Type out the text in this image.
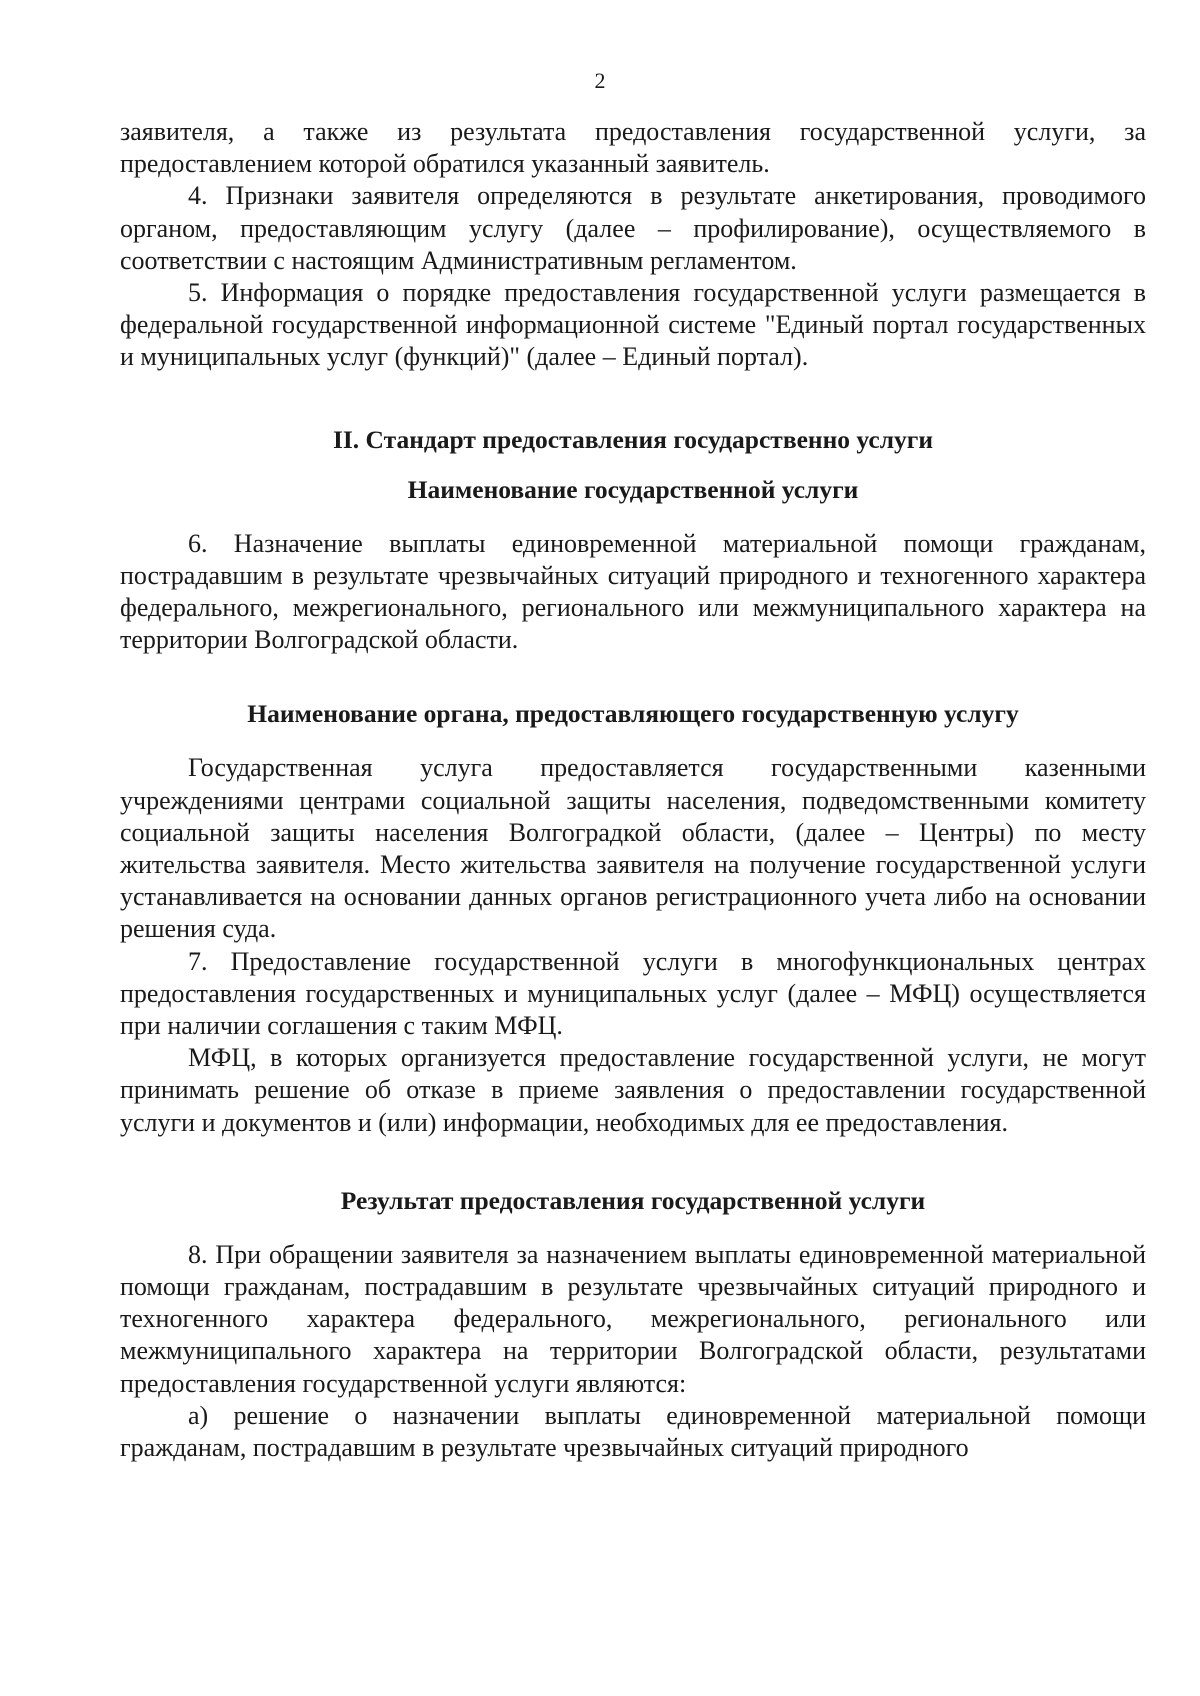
2

заявителя, а также из результата предоставления государственной услуги, за предоставлением которой обратился указанный заявитель.

4. Признаки заявителя определяются в результате анкетирования, проводимого органом, предоставляющим услугу (далее – профилирование), осуществляемого в соответствии с настоящим Административным регламентом.

5. Информация о порядке предоставления государственной услуги размещается в федеральной государственной информационной системе "Единый портал государственных и муниципальных услуг (функций)" (далее – Единый портал).

II. Стандарт предоставления государственно услуги
Наименование государственной услуги

6. Назначение выплаты единовременной материальной помощи гражданам, пострадавшим в результате чрезвычайных ситуаций природного и техногенного характера федерального, межрегионального, регионального или межмуниципального характера на территории Волгоградской области.

Наименование органа, предоставляющего государственную услугу

Государственная услуга предоставляется государственными казенными учреждениями центрами социальной защиты населения, подведомственными комитету социальной защиты населения Волгоградкой области, (далее – Центры) по месту жительства заявителя. Место жительства заявителя на получение государственной услуги устанавливается на основании данных органов регистрационного учета либо на основании решения суда.

7. Предоставление государственной услуги в многофункциональных центрах предоставления государственных и муниципальных услуг (далее – МФЦ) осуществляется при наличии соглашения с таким МФЦ.

МФЦ, в которых организуется предоставление государственной услуги, не могут принимать решение об отказе в приеме заявления о предоставлении государственной услуги и документов и (или) информации, необходимых для ее предоставления.

Результат предоставления государственной услуги

8. При обращении заявителя за назначением выплаты единовременной материальной помощи гражданам, пострадавшим в результате чрезвычайных ситуаций природного и техногенного характера федерального, межрегионального, регионального или межмуниципального характера на территории Волгоградской области, результатами предоставления государственной услуги являются:

а) решение о назначении выплаты единовременной материальной помощи гражданам, пострадавшим в результате чрезвычайных ситуаций природного
